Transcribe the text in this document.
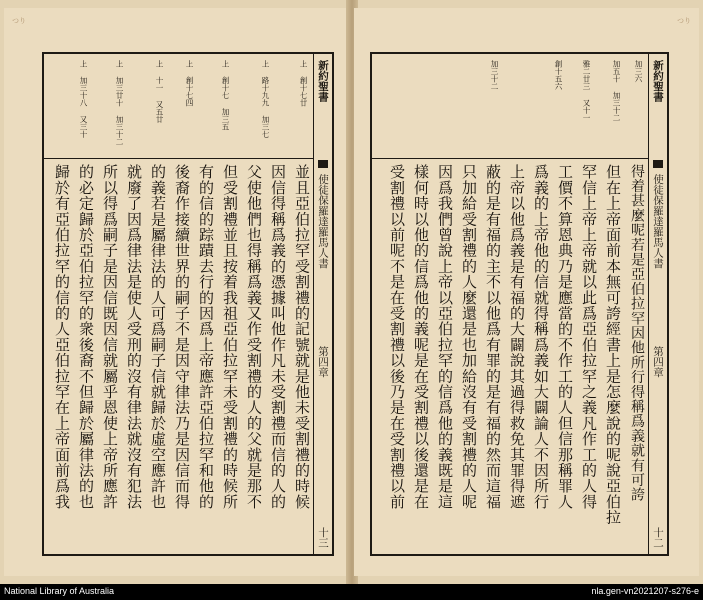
つり
上 創十七廿
上 路十九九 加三七
上 創十七 加三五
上 創十七四
上 十一 又五廿
上 加三廿十 加三十二
上 加三十八 又三十
並且亞伯拉罕受割禮的記號就是他未受割禮的時候
因信得稱爲義的憑據叫他作凡未受割禮而信的人的
父使他們也得稱爲義又作受割禮的人的父就是那不
但受割禮並且按着我祖亞伯拉罕未受割禮的時候所
有的信的踪蹟去行的因爲上帝應許亞伯拉罕和他的
後裔作接續世界的嗣子不是因守律法乃是因信而得
的義若是屬律法的人可爲嗣子信就歸於虛空應許也
就廢了因爲律法是使人受刑的沒有律法就沒有犯法
所以得爲嗣子是因信既因信就屬乎恩使上帝所應許
的必定歸於亞伯拉罕的衆後裔不但歸於屬律法的也
歸於有亞伯拉罕的信的人亞伯拉罕在上帝面前爲我
新約聖書
使徒保羅達羅馬人書
第四章
十三
つり
加三六
加五十 加三十二
雅二廿三 又十一
創十五六
加三十二
得着甚麼呢若是亞伯拉罕因他所行得稱爲義就有可誇
但在上帝面前本無可誇經書上是怎麼說的呢說亞伯拉
罕信上帝上帝就以此爲亞伯拉罕之義凡作工的人得
工價不算恩典乃是應當的不作工的人但信那稱罪人
爲義的上帝他的信就得稱爲義如大闢論人不因所行
上帝以他爲義是有福的大闢說其過得救免其罪得遮
蔽的是有福的主不以他爲有罪的是有福的然而這福
只加給受割禮的人麼還是也加給沒有受割禮的人呢
因爲我們曾說上帝以亞伯拉罕的信爲他的義既是這
樣何時以他的信爲他的義呢是在受割禮以後還是在
受割禮以前呢不是在受割禮以後乃是在受割禮以前
新約聖書
使徒保羅達羅馬人書
第四章
十二
National Library of Australia	nla.gen-vn2021207-s276-e
